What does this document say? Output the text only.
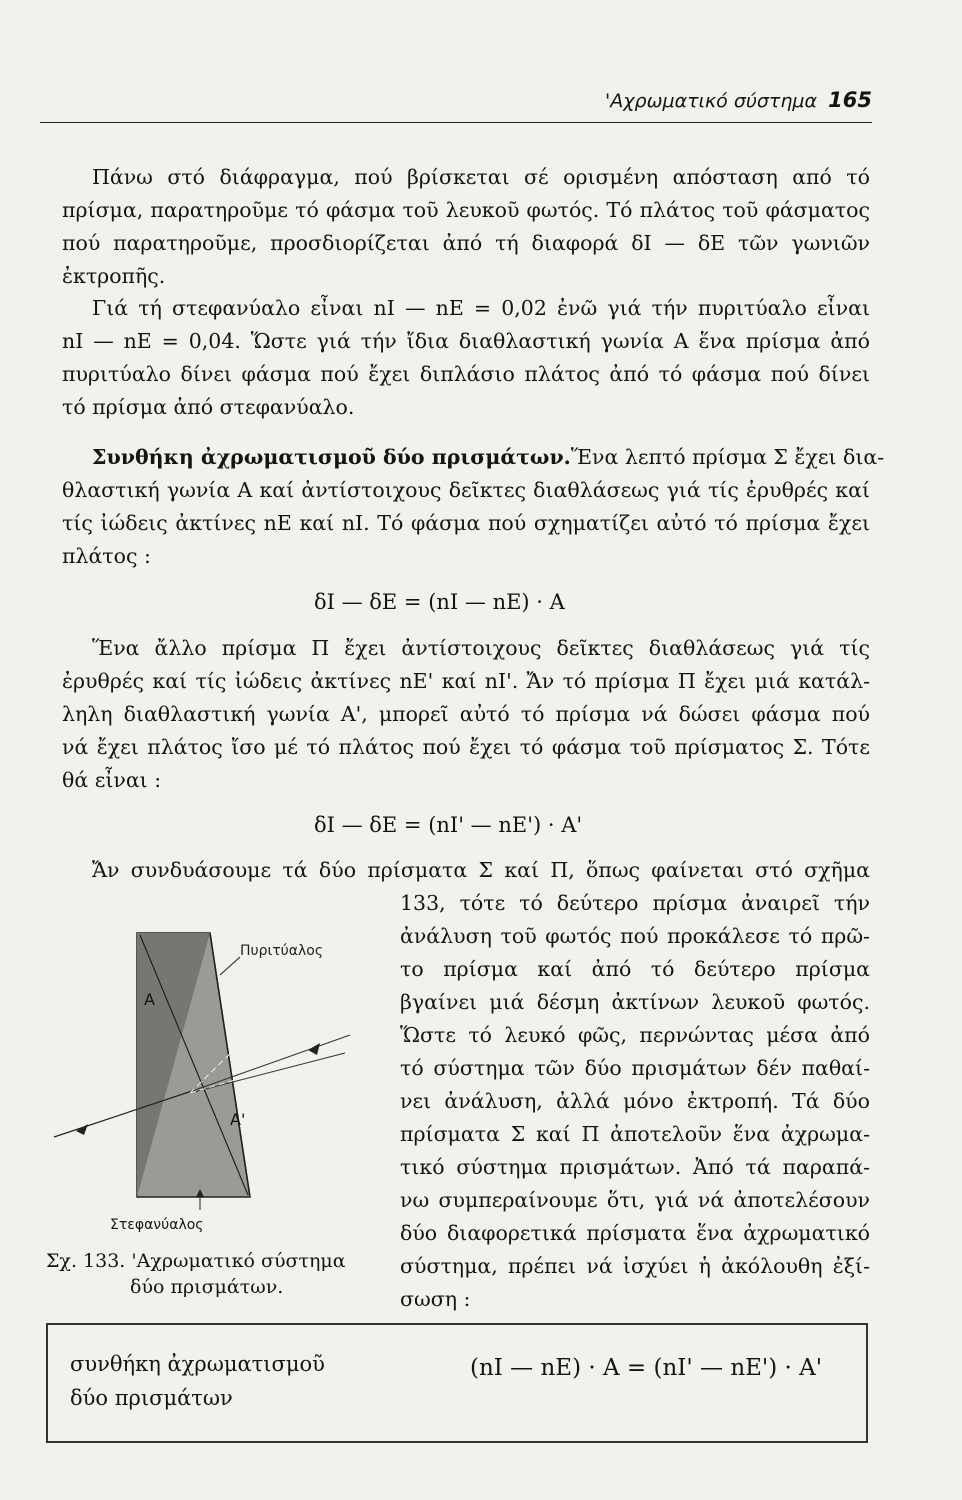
'Αχρωματικό σύστημα 165
Πάνω στό διάφραγμα, πού βρίσκεται σέ ορισμένη απόσταση από τό
πρίσμα, παρατηροῦμε τό φάσμα τοῦ λευκοῦ φωτός. Τό πλάτος τοῦ φάσματος
πού παρατηροῦμε, προσδιορίζεται ἀπό τή διαφορά δI — δE τῶν γωνιῶν
ἐκτροπῆς.
Γιά τή στεφανύαλο εἶναι nI — nE = 0,02 ἐνῶ γιά τήν πυριτύαλο εἶναι
nI — nE = 0,04. Ὥστε γιά τήν ἴδια διαθλαστική γωνία Α ἕνα πρίσμα ἀπό
πυριτύαλο δίνει φάσμα πού ἔχει διπλάσιο πλάτος ἀπό τό φάσμα πού δίνει
τό πρίσμα ἀπό στεφανύαλο.
Συνθήκη ἀχρωματισμοῦ δύο πρισμάτων. Ἕνα λεπτό πρίσμα Σ ἔχει δια-
θλαστική γωνία Α καί ἀντίστοιχους δεῖκτες διαθλάσεως γιά τίς ἐρυθρές καί
τίς ἰώδεις ἀκτίνες nE καί nI. Τό φάσμα πού σχηματίζει αὐτό τό πρίσμα ἔχει
πλάτος :
δI — δE = (nI — nE) · Α
Ἕνα ἄλλο πρίσμα Π ἔχει ἀντίστοιχους δεῖκτες διαθλάσεως γιά τίς
ἐρυθρές καί τίς ἰώδεις ἀκτίνες nE' καί nI'. Ἄν τό πρίσμα Π ἔχει μιά κατάλ-
ληλη διαθλαστική γωνία Α', μπορεῖ αὐτό τό πρίσμα νά δώσει φάσμα πού
νά ἔχει πλάτος ἴσο μέ τό πλάτος πού ἔχει τό φάσμα τοῦ πρίσματος Σ. Τότε
θά εἶναι :
δI — δE = (nI' — nE') · Α'
Ἄν συνδυάσουμε τά δύο πρίσματα Σ καί Π, ὅπως φαίνεται στό σχῆμα
133, τότε τό δεύτερο πρίσμα ἀναιρεῖ τήν
ἀνάλυση τοῦ φωτός πού προκάλεσε τό πρῶ-
το πρίσμα καί ἀπό τό δεύτερο πρίσμα
βγαίνει μιά δέσμη ἀκτίνων λευκοῦ φωτός.
Ὥστε τό λευκό φῶς, περνώντας μέσα ἀπό
τό σύστημα τῶν δύο πρισμάτων δέν παθαί-
νει ἀνάλυση, ἀλλά μόνο ἐκτροπή. Τά δύο
πρίσματα Σ καί Π ἀποτελοῦν ἕνα ἀχρωμα-
τικό σύστημα πρισμάτων. Ἀπό τά παραπά-
νω συμπεραίνουμε ὅτι, γιά νά ἀποτελέσουν
δύο διαφορετικά πρίσματα ἕνα ἀχρωματικό
σύστημα, πρέπει νά ἰσχύει ἡ ἀκόλουθη ἐξί-
σωση :
Πυριτύαλος
Α
Α'
Στεφανύαλος
Σχ. 133. 'Αχρωματικό σύστημα
δύο πρισμάτων.
συνθήκη ἀχρωματισμοῦ
δύο πρισμάτων
(nI — nE) · Α = (nI' — nE') · Α'
